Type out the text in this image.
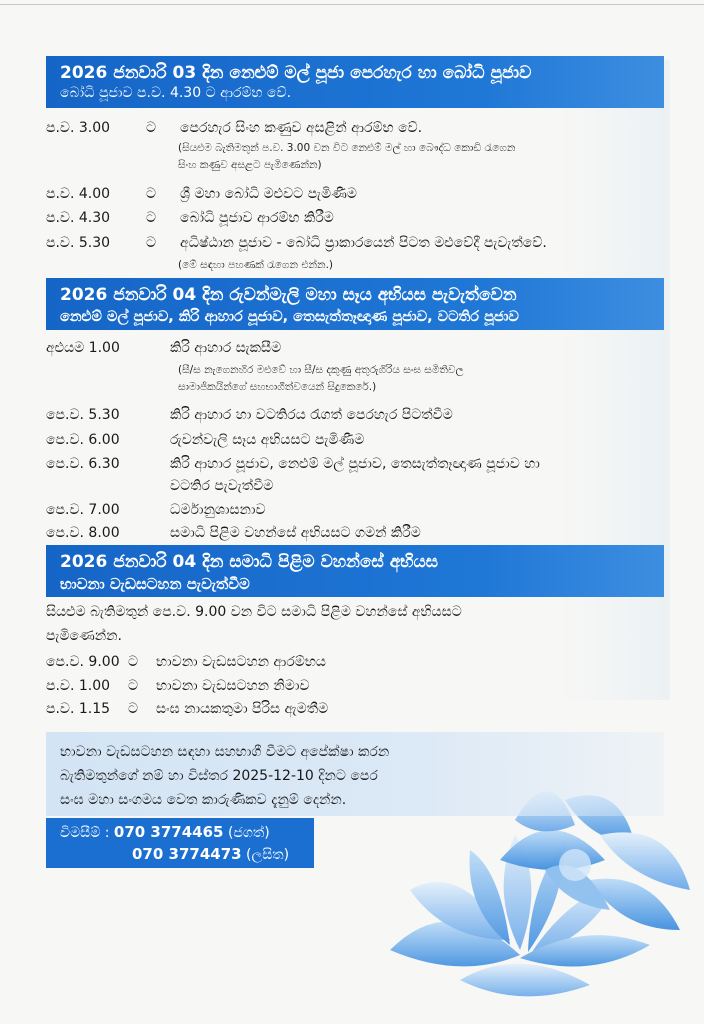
2026 ජනවාරි 03 දින නෙළුම් මල් පූජා පෙරහැර හා බෝධි පූජාව
බෝධි පූජාව ප.ව. 4.30 ට ආරම්භ වේ.
ප.ව. 3.00	ට පෙරහැර සිංහ කණුව අසළින් ආරම්භ වේ.
(සියළුම බැතිමතුන් ප.ව. 3.00 වන විට නෙළුම් මල් හා බෞද්ධ කොඩි රැගෙන
සිංහ කණුව අසළට පැමිණෙන්න)
ප.ව. 4.00	ට ශ්‍රී මහා බෝධි මළුවට පැමිණීම
ප.ව. 4.30	ට බෝධි පූජාව ආරම්භ කිරීම
ප.ව. 5.30	ට අධිෂ්ඨාන පූජාව - බෝධි ප්‍රාකාරයෙන් පිටත මළුවේදී පැවැත්වේ.
(මේ සඳහා පහණක් රැගෙන එන්න.)
2026 ජනවාරි 04 දින රුවන්මැලි මහා සෑය අභියස පැවැත්වෙන
නෙළුම් මල් පූජාව, කිරි ආහාර පූජාව, තෙසැත්තෑඥාණ පූජාව, වටතිර පූජාව
අළුයම 1.00	කිරි ආහාර සැකසීම
(සී/ස නැගෙනහිර මළුවේ හා සී/ස දකුණු අතුරුගිරිය සංඝ සමිතිවල
සාමාජිකයින්ගේ සහභාගීත්වයෙන් සිදුකෙරේ.)
පෙ.ව. 5.30	කිරි ආහාර හා වටතිරය රැගත් පෙරහැර පිටත්වීම
පෙ.ව. 6.00	රුවන්වැලි සෑය අභියසට පැමිණීම
පෙ.ව. 6.30	කිරි ආහාර පූජාව, නෙළුම් මල් පූජාව, තෙසැත්තෑඥාණ පූජාව හා
වටතිර පැවැත්වීම
පෙ.ව. 7.00	ධර්මානුශාසනාව
පෙ.ව. 8.00	සමාධි පිළිම වහන්සේ අභියසට ගමන් කිරීම
2026 ජනවාරි 04 දින සමාධි පිළිම වහන්සේ අභියස
භාවනා වැඩසටහන පැවැත්වීම
සියළුම බැතිමතුන් පෙ.ව. 9.00 වන විට සමාධි පිළිම වහන්සේ අභියසට
පැමිණෙන්න.
පෙ.ව. 9.00 ට භාවනා වැඩසටහන ආරම්භය
ප.ව. 1.00 ට භාවනා වැඩසටහන නිමාව
ප.ව. 1.15 ට සංඝ නායකතුමා පිරිස ඇමතීම
භාවනා වැඩසටහන සඳහා සහභාගී වීමට අපේක්ෂා කරන
බැතිමතුන්ගේ නම් හා විස්තර 2025-12-10 දිනට පෙර
සංඝ මහා සංගමය වෙත කාරුණිකව දැනුම් දෙන්න.
විමසීම් : 070 3774465 (ජගත්)
070 3774473 (ලසිත)
